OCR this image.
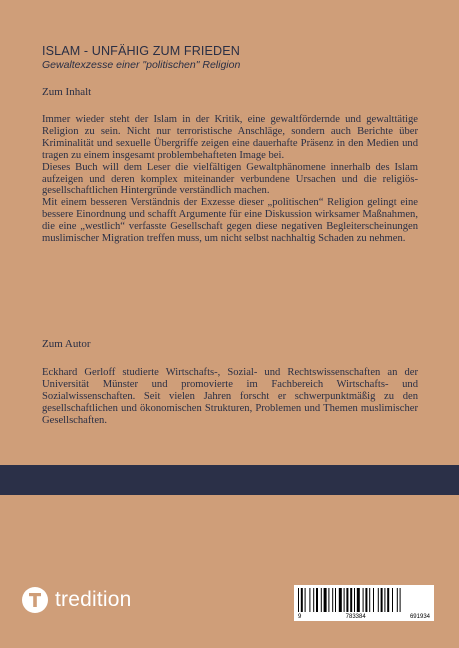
ISLAM - UNFÄHIG ZUM FRIEDEN
Gewaltexzesse einer "politischen" Religion
Zum Inhalt

Immer wieder steht der Islam in der Kritik, eine gewaltfördernde und gewalttätige Religion zu sein. Nicht nur terroristische Anschläge, sondern auch Berichte über Kriminalität und sexuelle Übergriffe zeigen eine dauerhafte Präsenz in den Medien und tragen zu einem insgesamt problembehafteten Image bei.

Dieses Buch will dem Leser die vielfältigen Gewaltphänomene innerhalb des Islam aufzeigen und deren komplex miteinander verbundene Ursachen und die religiös-gesellschaftlichen Hintergründe verständlich machen.

Mit einem besseren Verständnis der Exzesse dieser „politischen“ Religion gelingt eine bessere Einordnung und schafft Argumente für eine Diskussion wirksamer Maßnahmen, die eine „westlich“ verfasste Gesellschaft gegen diese negativen Begleiterscheinungen muslimischer Migration treffen muss, um nicht selbst nachhaltig Schaden zu nehmen.

Zum Autor

Eckhard Gerloff studierte Wirtschafts-, Sozial- und Rechtswissenschaften an der Universität Münster und promovierte im Fachbereich Wirtschafts- und Sozialwissenschaften. Seit vielen Jahren forscht er schwerpunktmäßig zu den gesellschaftlichen und ökonomischen Strukturen, Problemen und Themen muslimischer Gesellschaften.

tredition
9	783384	691934
